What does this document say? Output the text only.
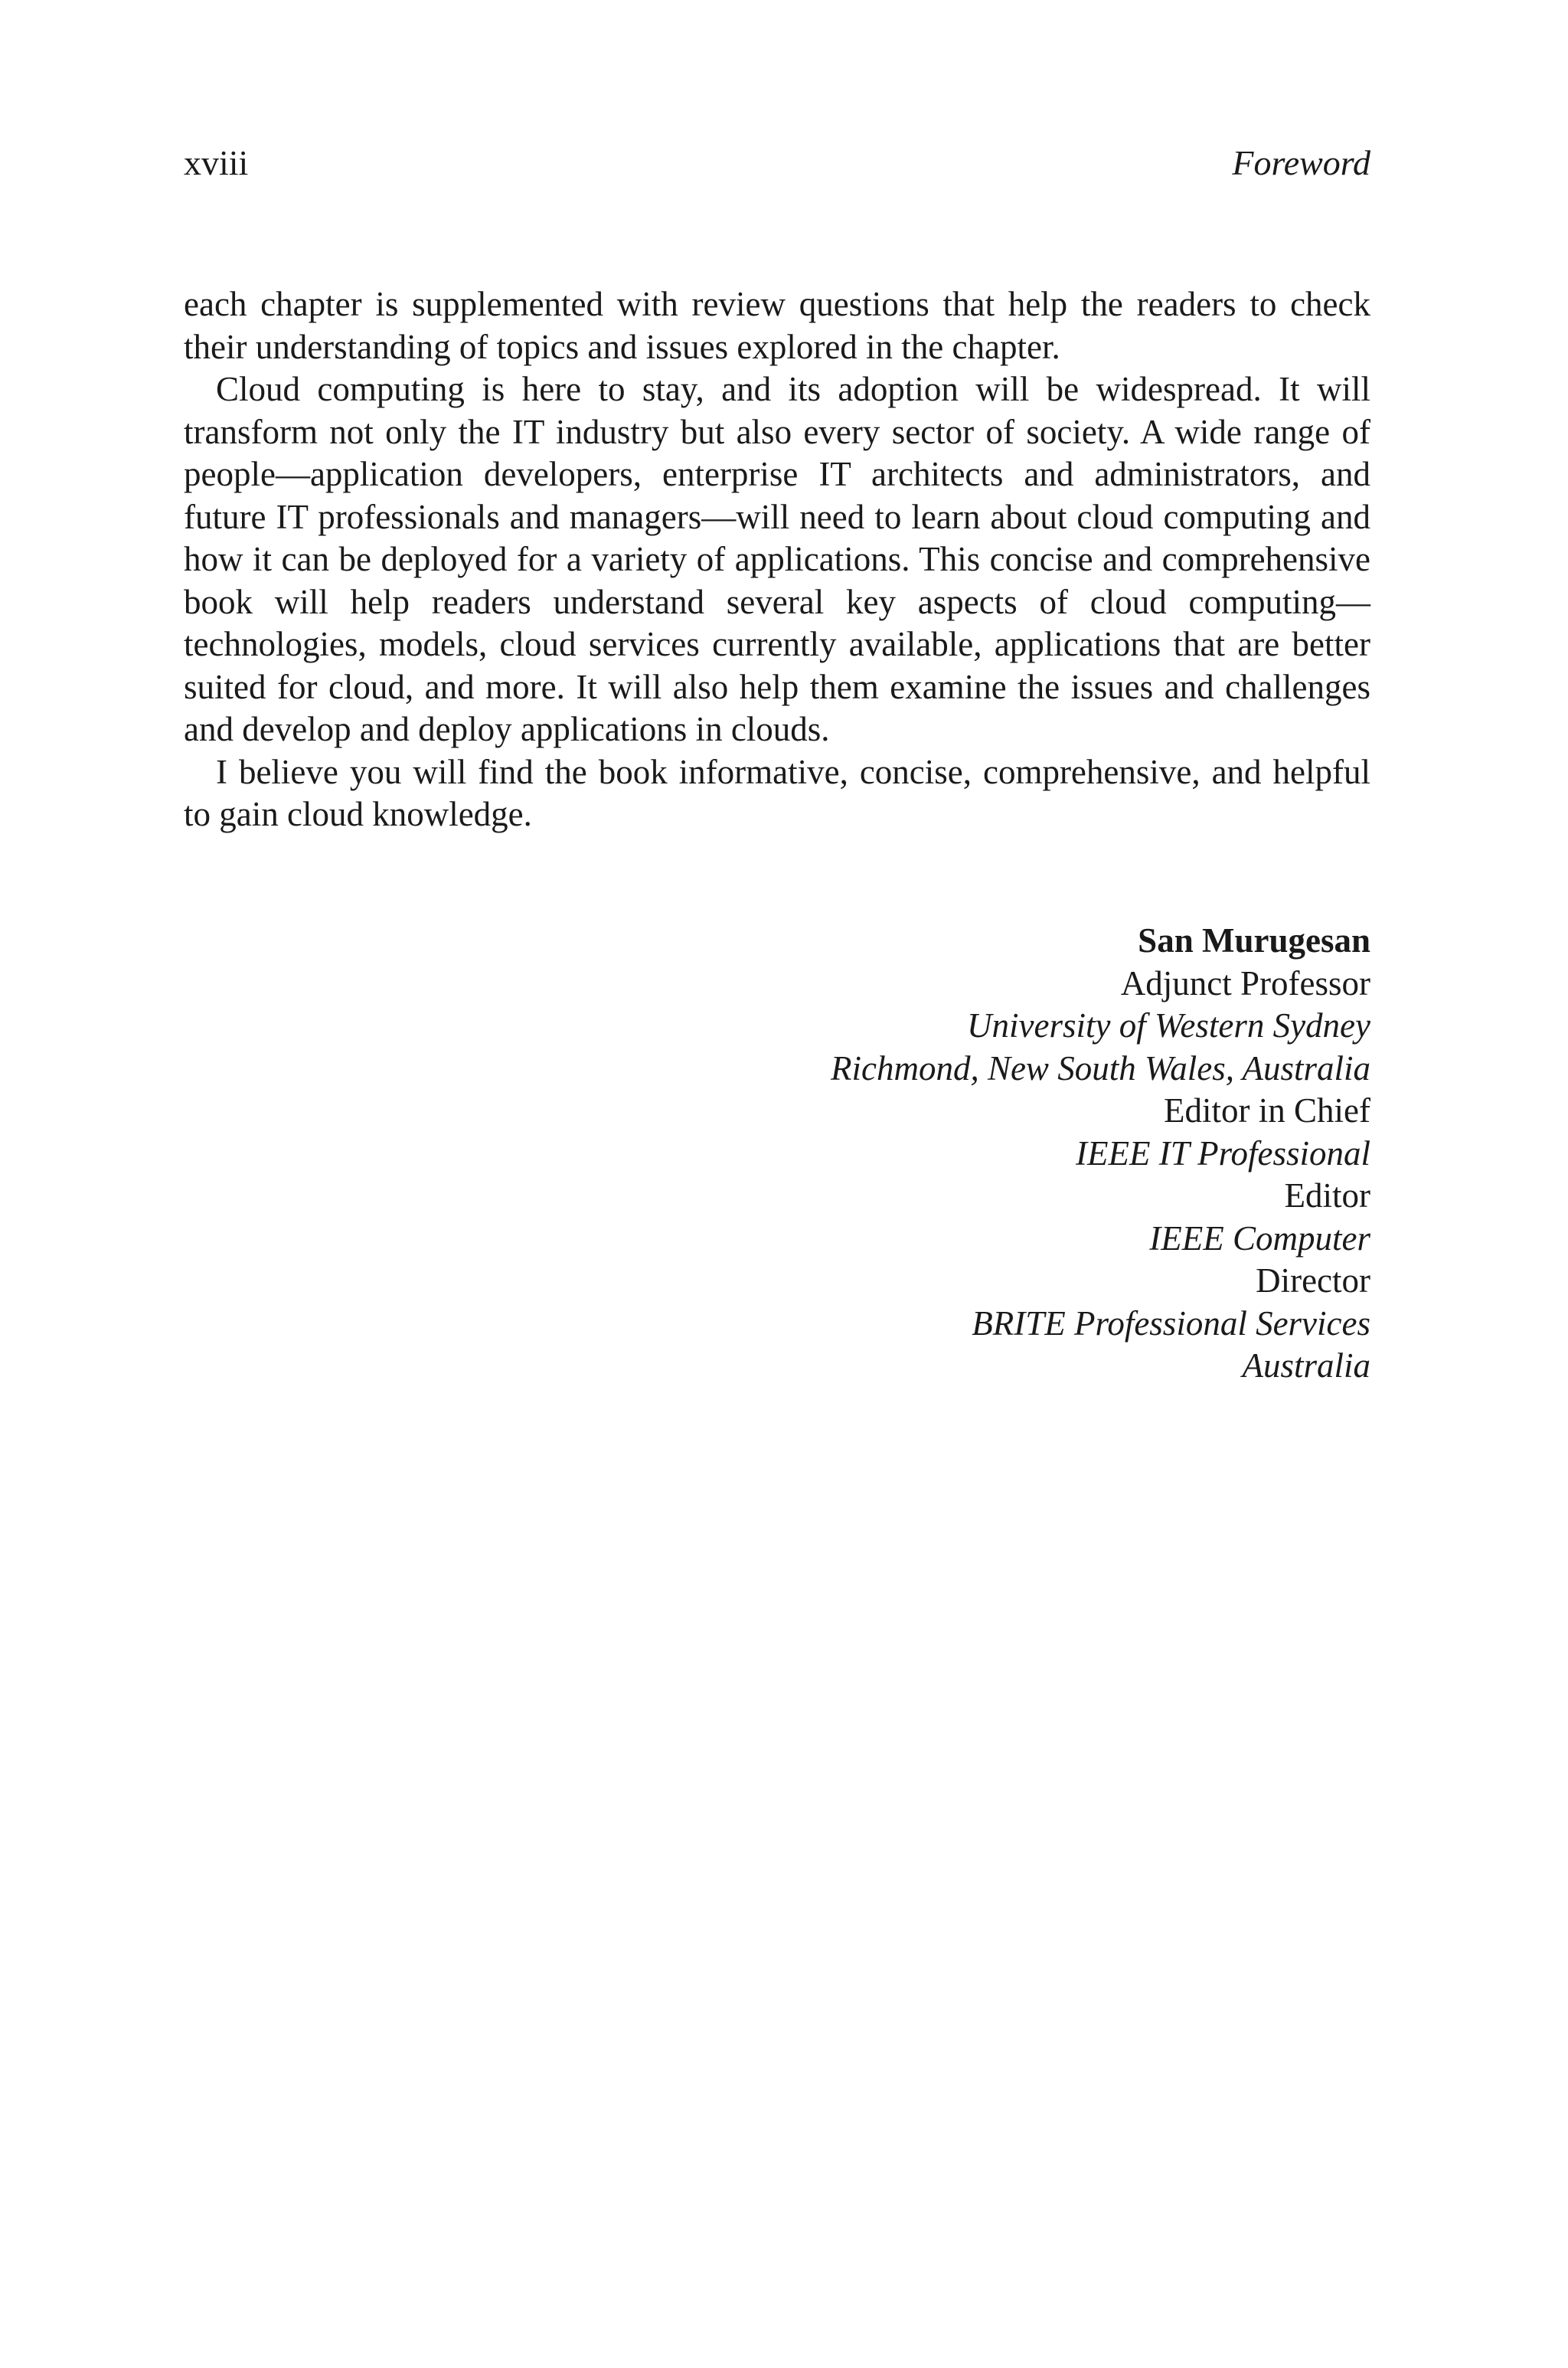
xviii	Foreword

each chapter is supplemented with review questions that help the readers to check their understanding of topics and issues explored in the chapter.

Cloud computing is here to stay, and its adoption will be widespread. It will transform not only the IT industry but also every sector of society. A wide range of people—application developers, enterprise IT architects and administrators, and future IT professionals and managers—will need to learn about cloud computing and how it can be deployed for a variety of applications. This concise and comprehensive book will help readers understand several key aspects of cloud computing—technologies, models, cloud services currently available, applications that are better suited for cloud, and more. It will also help them examine the issues and challenges and develop and deploy applications in clouds.

I believe you will find the book informative, concise, comprehensive, and helpful to gain cloud knowledge.

San Murugesan
Adjunct Professor
University of Western Sydney
Richmond, New South Wales, Australia
Editor in Chief
IEEE IT Professional
Editor
IEEE Computer
Director
BRITE Professional Services
Australia
